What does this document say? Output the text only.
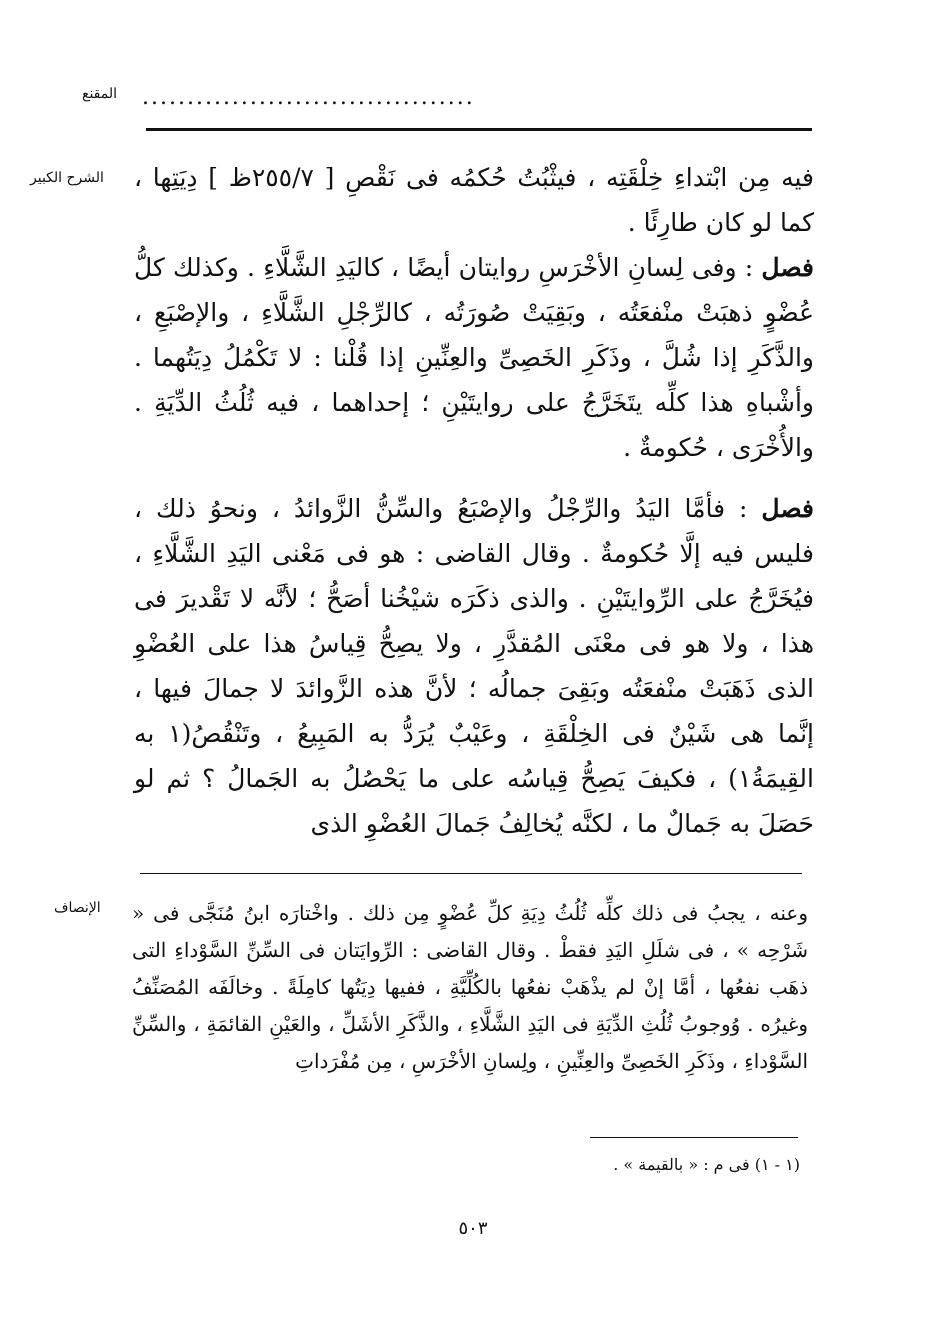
المقنع .....................................
الشرح الكبير
الإنصاف

فيه مِن ابْتداءِ خِلْقَتِه ، فيثْبُتُ حُكمُه فى نَقْصِ [ ٢٥٥/٧ظ ] دِيَتِها ، كما لو كان طارِئًا .

فصل : وفى لِسانِ الأخْرَسِ روايتان أيضًا ، كاليَدِ الشَّلَّاءِ . وكذلك كلُّ عُضْوٍ ذهبَتْ منْفعَتُه ، وبَقِيَتْ صُورَتُه ، كالرِّجْلِ الشَّلَّاءِ ، والإصْبَعِ ، والذَّكَرِ إذا شُلَّ ، وذَكَرِ الخَصِىِّ والعِنِّينِ إذا قُلْنا : لا تَكْمُلُ دِيَتُهما . وأشْباهِ هذا كلِّه يتَخَرَّجُ على روايتَيْنِ ؛ إحداهما ، فيه ثُلُثُ الدِّيَةِ . والأُخْرَى ، حُكومةٌ .

فصل : فأمَّا اليَدُ والرِّجْلُ والإصْبَعُ والسِّنُّ الزَّوائدُ ، ونحوُ ذلك ، فليس فيه إلَّا حُكومةٌ . وقال القاضى : هو فى مَعْنى اليَدِ الشَّلَّاءِ ، فيُخَرَّجُ على الرِّوايتَيْنِ . والذى ذكَرَه شيْخُنا أصَحُّ ؛ لأنَّه لا تَقْديرَ فى هذا ، ولا هو فى معْنَى المُقدَّرِ ، ولا يصِحُّ قِياسُ هذا على العُضْوِ الذى ذَهَبَتْ منْفعَتُه وبَقِىَ جمالُه ؛ لأنَّ هذه الزَّوائدَ لا جمالَ فيها ، إنَّما هى شَيْنٌ فى الخِلْقَةِ ، وعَيْبٌ يُرَدُّ به المَبِيعُ ، وتَنْقُصُ(١ به القِيمَةُ١) ، فكيفَ يَصِحُّ قِياسُه على ما يَحْصُلُ به الجَمالُ ؟ ثم لو حَصَلَ به جَمالٌ ما ، لكنَّه يُخالِفُ جَمالَ العُضْوِ الذى

وعنه ، يجبُ فى ذلك كلِّه ثُلُثُ دِيَةِ كلِّ عُضْوٍ مِن ذلك . واخْتارَه ابنُ مُنَجَّى فى « شَرْحِه » ، فى شلَلِ اليَدِ فقطْ . وقال القاضى : الرِّوايَتان فى السِّنِّ السَّوْداءِ التى ذهَب نفعُها ، أمَّا إنْ لم يذْهَبْ نفعُها بالكُلِّيَّةِ ، ففيها دِيَتُها كامِلَةً . وخالَفَه المُصَنِّفُ وغيرُه . وُوجوبُ ثُلُثِ الدِّيَةِ فى اليَدِ الشَّلَّاءِ ، والذَّكَرِ الأشَلِّ ، والعَيْنِ القائمَةِ ، والسِّنِّ السَّوْداءِ ، وذَكَرِ الخَصِىِّ والعِنِّينِ ، ولِسانِ الأخْرَسِ ، مِن مُفْرَداتِ

(١ - ١) فى م : « بالقيمة » .
٥٠٣
